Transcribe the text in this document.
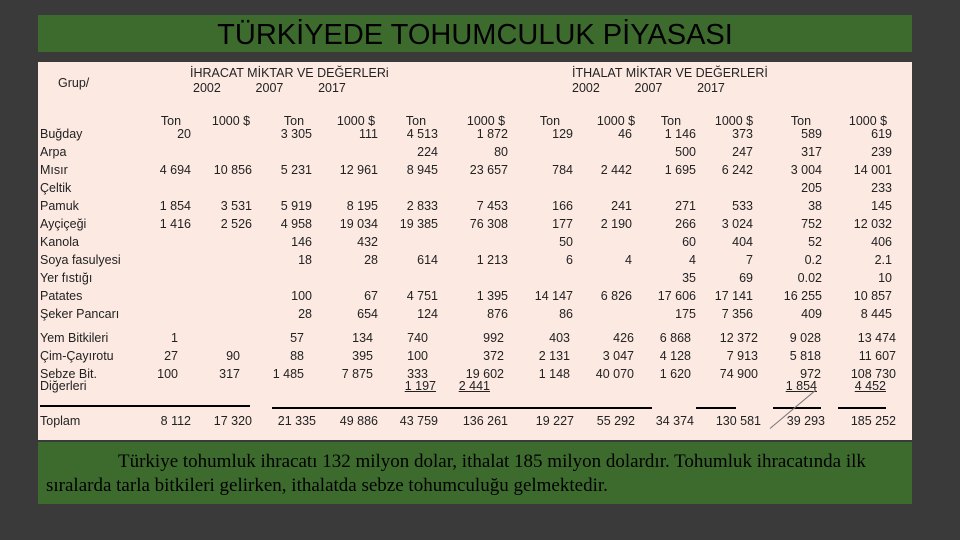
TÜRKİYEDE TOHUMCULUK PİYASASI
Grup/
İHRACAT MİKTAR VE DEĞERLERi
2002          2007          2017
İTHALAT MİKTAR VE DEĞERLERİ
2002          2007          2017
Buğday
Arpa
Mısır
Çeltik
Pamuk
Ayçiçeği
Kanola
Soya fasulyesi
Yer fıstığı
Patates
Şeker Pancarı
Yem Bitkileri
Çim-Çayırotu
Sebze Bit.
Diğerleri
Toplam
Ton
20

4 694

1 854
1 416

1
27
100
8 112
1000 $

10 856

3 531
2 526

90
317
17 320
Ton
3 305

5 231

5 919
4 958
146
18

100
28
57
88
1 485
21 335
1000 $
111

12 961

8 195
19 034
432
28

67
654
134
395
7 875
49 886
Ton
4 513
224
8 945

2 833
19 385

614

4 751
124
740
100
333
1 197
43 759
1000 $
1 872
80
23 657

7 453
76 308

1 213

1 395
876
992
372
19 602
2 441
136 261
Ton
129

784

166
177
50
6

14 147
86
403
2 131
1 148
19 227
1000 $
46

2 442

241
2 190

4

6 826

426
3 047
40 070
55 292
Ton
1 146
500
1 695

271
266
60
4
35
17 606
175
6 868
4 128
1 620
34 374
1000 $
373
247
6 242

533
3 024
404
7
69
17 141
7 356
12 372
7 913
74 900
130 581
Ton
589
317
3 004
205
38
752
52
0.2
0.02
16 255
409
9 028
5 818
972
1 854
39 293
1000 $
619
239
14 001
233
145
12 032
406
2.1
10
10 857
8 445
13 474
11 607
108 730
4 452
185 252
Türkiye tohumluk ihracatı 132 milyon dolar, ithalat 185 milyon dolardır. Tohumluk ihracatında ilk sıralarda tarla bitkileri gelirken, ithalatda sebze tohumculuğu gelmektedir.
